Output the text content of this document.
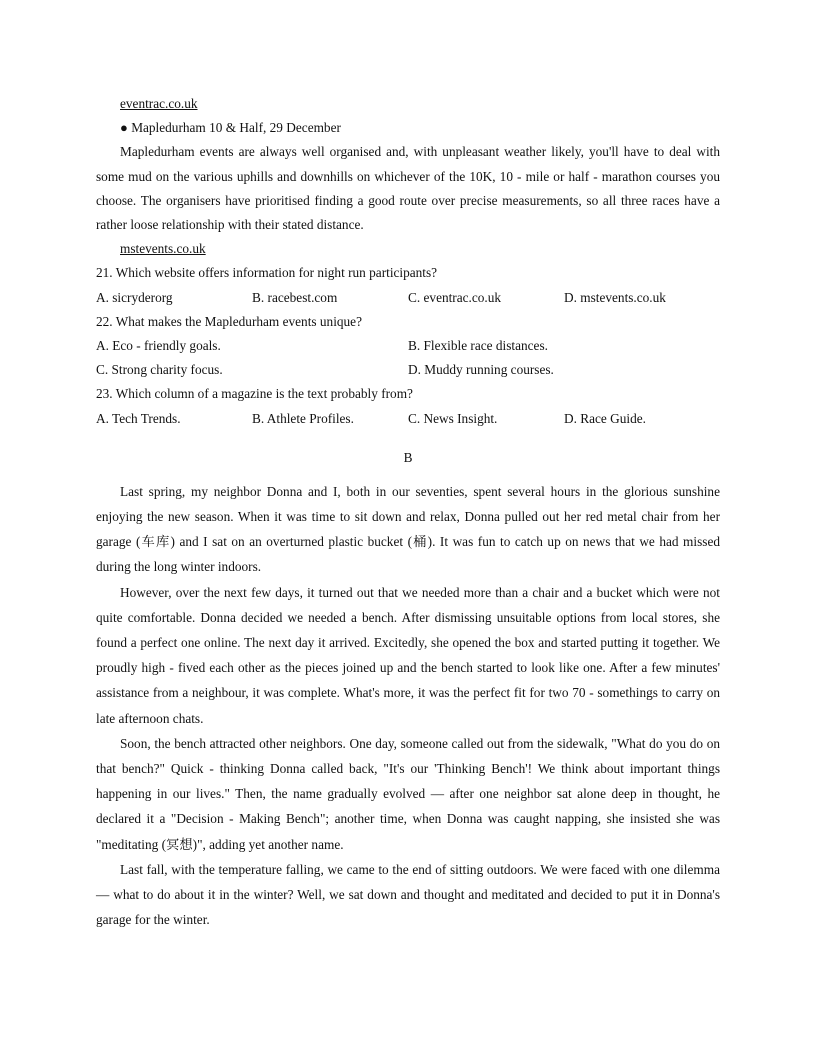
eventrac.co.uk
● Mapledurham 10 & Half, 29 December

Mapledurham events are always well organised and, with unpleasant weather likely, you'll have to deal with some mud on the various uphills and downhills on whichever of the 10K, 10 - mile or half - marathon courses you choose. The organisers have prioritised finding a good route over precise measurements, so all three races have a rather loose relationship with their stated distance.

mstevents.co.uk
21. Which website offers information for night run participants?
A. sicryderorg	B. racebest.com	C. eventrac.co.uk	D. mstevents.co.uk
22. What makes the Mapledurham events unique?
A. Eco - friendly goals.	B. Flexible race distances.
C. Strong charity focus.	D. Muddy running courses.
23. Which column of a magazine is the text probably from?
A. Tech Trends.	B. Athlete Profiles.	C. News Insight.	D. Race Guide.
B

Last spring, my neighbor Donna and I, both in our seventies, spent several hours in the glorious sunshine enjoying the new season. When it was time to sit down and relax, Donna pulled out her red metal chair from her garage (车库) and I sat on an overturned plastic bucket (桶). It was fun to catch up on news that we had missed during the long winter indoors.

However, over the next few days, it turned out that we needed more than a chair and a bucket which were not quite comfortable. Donna decided we needed a bench. After dismissing unsuitable options from local stores, she found a perfect one online. The next day it arrived. Excitedly, she opened the box and started putting it together. We proudly high - fived each other as the pieces joined up and the bench started to look like one. After a few minutes' assistance from a neighbour, it was complete. What's more, it was the perfect fit for two 70 - somethings to carry on late afternoon chats.

Soon, the bench attracted other neighbors. One day, someone called out from the sidewalk, "What do you do on that bench?" Quick - thinking Donna called back, "It's our 'Thinking Bench'! We think about important things happening in our lives." Then, the name gradually evolved — after one neighbor sat alone deep in thought, he declared it a "Decision - Making Bench"; another time, when Donna was caught napping, she insisted she was "meditating (冥想)", adding yet another name.

Last fall, with the temperature falling, we came to the end of sitting outdoors. We were faced with one dilemma — what to do about it in the winter? Well, we sat down and thought and meditated and decided to put it in Donna's garage for the winter.
